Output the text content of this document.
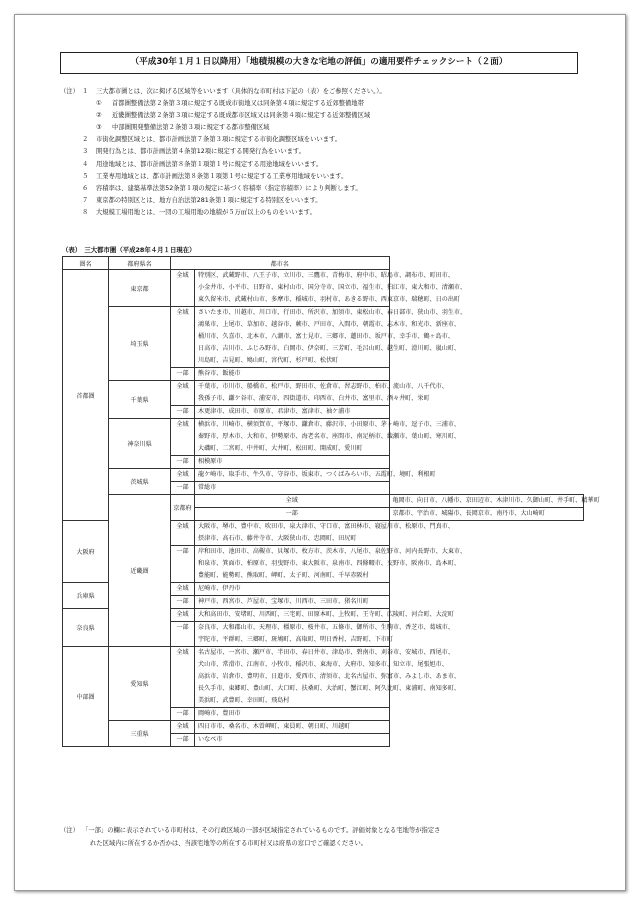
（平成30年１月１日以降用）「地積規模の大きな宅地の評価」の適用要件チェックシート（２面）
（注） １	三大都市圏とは、次に掲げる区域等をいいます（具体的な市町村は下記の（表）をご参照ください。）。
①	首都圏整備法第２条第３項に規定する既成市街地又は同条第４項に規定する近郊整備地帯
②	近畿圏整備法第２条第３項に規定する既成都市区域又は同条第４項に規定する近郊整備区域
③	中部圏開発整備法第２条第３項に規定する都市整備区域
２	市街化調整区域とは、都市計画法第７条第３項に規定する市街化調整区域をいいます。
３	開発行為とは、都市計画法第４条第12項に規定する開発行為をいいます。
４	用途地域とは、都市計画法第８条第１項第１号に規定する用途地域をいいます。
５	工業専用地域とは、都市計画法第８条第１項第１号に規定する工業専用地域をいいます。
６	容積率は、建築基準法第52条第１項の規定に基づく容積率（指定容積率）により判断します。
７	東京都の特別区とは、地方自治法第281条第１項に規定する特別区をいいます。
８	大規模工場用地とは、一団の工場用地の地積が５万㎡以上のものをいいます。
（表）　三大都市圏（平成28年４月１日現在）
圏名	都府県名	都市名		
首都圏	東京都	全域	特別区、武蔵野市、八王子市、立川市、三鷹市、青梅市、府中市、昭島市、調布市、町田市、
小金井市、小平市、日野市、東村山市、国分寺市、国立市、福生市、狛江市、東大和市、清瀬市、
東久留米市、武蔵村山市、多摩市、稲城市、羽村市、あきる野市、西東京市、瑞穂町、日の出町	

	埼玉県	全域	さいたま市、川越市、川口市、行田市、所沢市、加須市、東松山市、春日部市、狭山市、羽生市、
鴻巣市、上尾市、草加市、越谷市、蕨市、戸田市、入間市、朝霞市、志木市、和光市、新座市、
桶川市、久喜市、北本市、八潮市、富士見市、三郷市、蓮田市、坂戸市、幸手市、鶴ヶ島市、
日高市、吉川市、ふじみ野市、白岡市、伊奈町、三芳町、毛呂山町、越生町、滑川町、嵐山町、
川島町、吉見町、鳩山町、宮代町、杉戸町、松伏町	

		一部	熊谷市、飯能市	

	千葉県	全域	千葉市、市川市、船橋市、松戸市、野田市、佐倉市、習志野市、柏市、流山市、八千代市、
我孫子市、鎌ケ谷市、浦安市、四街道市、印西市、白井市、富里市、酒々井町、栄町	

		一部	木更津市、成田市、市原市、君津市、富津市、袖ケ浦市	

	神奈川県	全域	横浜市、川崎市、横須賀市、平塚市、鎌倉市、藤沢市、小田原市、茅ヶ崎市、逗子市、三浦市、
秦野市、厚木市、大和市、伊勢原市、海老名市、座間市、南足柄市、綾瀬市、葉山町、寒川町、
大磯町、二宮町、中井町、大井町、松田町、開成町、愛川町	

		一部	相模原市	

	茨城県	全域	龍ケ崎市、取手市、牛久市、守谷市、坂東市、つくばみらい市、五霞町、境町、利根町	

		一部	常総市	

	近畿圏	京都府	全域	亀岡市、向日市、八幡市、京田辺市、木津川市、久御山町、井手町、精華町

			一部	京都市、宇治市、城陽市、長岡京市、南丹市、大山崎町

大阪府		全域	大阪市、堺市、豊中市、吹田市、泉大津市、守口市、富田林市、寝屋川市、松原市、門真市、
摂津市、高石市、藤井寺市、大阪狭山市、忠岡町、田尻町	

		一部	岸和田市、池田市、高槻市、貝塚市、枚方市、茨木市、八尾市、泉佐野市、河内長野市、大東市、
和泉市、箕面市、柏原市、羽曳野市、東大阪市、泉南市、四條畷市、交野市、阪南市、島本町、
豊能町、能勢町、熊取町、岬町、太子町、河南町、千早赤阪村	

兵庫県		全域	尼崎市、伊丹市	

		一部	神戸市、西宮市、芦屋市、宝塚市、川西市、三田市、猪名川町	

奈良県		全域	大和高田市、安堵町、川西町、三宅町、田原本町、上牧町、王寺町、広陵町、河合町、大淀町	

		一部	奈良市、大和郡山市、天理市、橿原市、桜井市、五條市、御所市、生駒市、香芝市、葛城市、
宇陀市、平群町、三郷町、斑鳩町、高取町、明日香村、吉野町、下市町	

中部圏	愛知県	全域	名古屋市、一宮市、瀬戸市、半田市、春日井市、津島市、碧南市、刈谷市、安城市、西尾市、
犬山市、常滑市、江南市、小牧市、稲沢市、東海市、大府市、知多市、知立市、尾張旭市、
高浜市、岩倉市、豊明市、日進市、愛西市、清須市、北名古屋市、弥富市、みよし市、あま市、
長久手市、東郷町、豊山町、大口町、扶桑町、大治町、蟹江町、阿久比町、東浦町、南知多町、
美浜町、武豊町、幸田町、飛島村	

		一部	岡崎市、豊田市	

	三重県	全域	四日市市、桑名市、木曽岬町、東員町、朝日町、川越町	

		一部	いなべ市	
（注） 「一部」の欄に表示されている市町村は、その行政区域の一部が区域指定されているものです。評価対象となる宅地等が指定さ
れた区域内に所在するか否かは、当該宅地等の所在する市町村又は府県の窓口でご確認ください。
